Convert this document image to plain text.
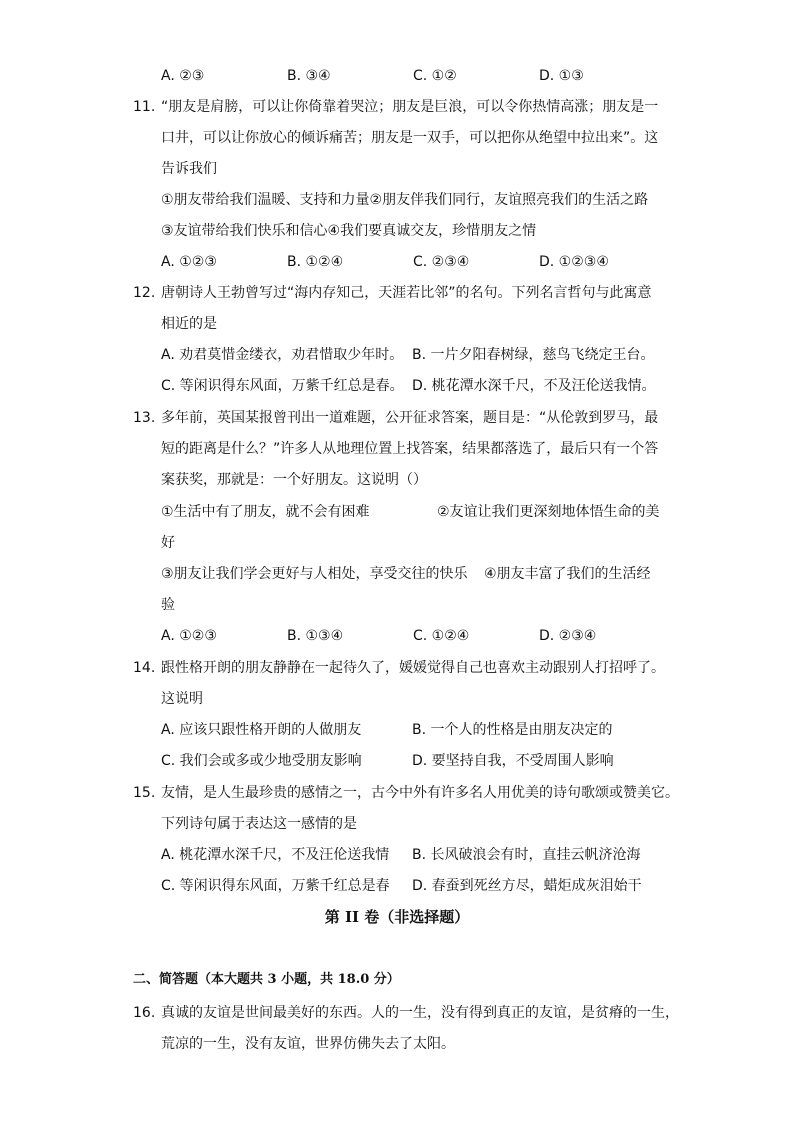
A. ②③	B. ③④	C. ①②	D. ①③
11. “朋友是肩膀，可以让你倚靠着哭泣；朋友是巨浪，可以令你热情高涨；朋友是一
口井，可以让你放心的倾诉痛苦；朋友是一双手，可以把你从绝望中拉出来”。这
告诉我们
①朋友带给我们温暖、支持和力量②朋友伴我们同行，友谊照亮我们的生活之路
③友谊带给我们快乐和信心④我们要真诚交友，珍惜朋友之情
A. ①②③	B. ①②④	C. ②③④	D. ①②③④
12. 唐朝诗人王勃曾写过“海内存知己，天涯若比邻”的名句。下列名言哲句与此寓意
相近的是
A. 劝君莫惜金缕衣，劝君惜取少年时。 B. 一片夕阳春树绿，慈鸟飞绕定王台。
C. 等闲识得东风面，万紫千红总是春。 D. 桃花潭水深千尺，不及汪伦送我情。
13. 多年前，英国某报曾刊出一道难题，公开征求答案，题目是：“从伦敦到罗马，最
短的距离是什么？”许多人从地理位置上找答案，结果都落选了，最后只有一个答
案获奖，那就是：一个好朋友。这说明（）
①生活中有了朋友，就不会有困难	②友谊让我们更深刻地体悟生命的美
好
③朋友让我们学会更好与人相处，享受交往的快乐 ④朋友丰富了我们的生活经
验
A. ①②③	B. ①③④	C. ①②④	D. ②③④
14. 跟性格开朗的朋友静静在一起待久了，媛媛觉得自己也喜欢主动跟别人打招呼了。
这说明
A. 应该只跟性格开朗的人做朋友	B. 一个人的性格是由朋友决定的
C. 我们会或多或少地受朋友影响	D. 要坚持自我，不受周围人影响
15. 友情，是人生最珍贵的感情之一，古今中外有许多名人用优美的诗句歌颂或赞美它。
下列诗句属于表达这一感情的是
A. 桃花潭水深千尺，不及汪伦送我情 B. 长风破浪会有时，直挂云帆济沧海
C. 等闲识得东风面，万紫千红总是春 D. 春蚕到死丝方尽，蜡炬成灰泪始干
第 II 卷（非选择题）
二、简答题（本大题共 3 小题，共 18.0 分）
16. 真诚的友谊是世间最美好的东西。人的一生，没有得到真正的友谊，是贫瘠的一生，
荒凉的一生，没有友谊，世界仿佛失去了太阳。
